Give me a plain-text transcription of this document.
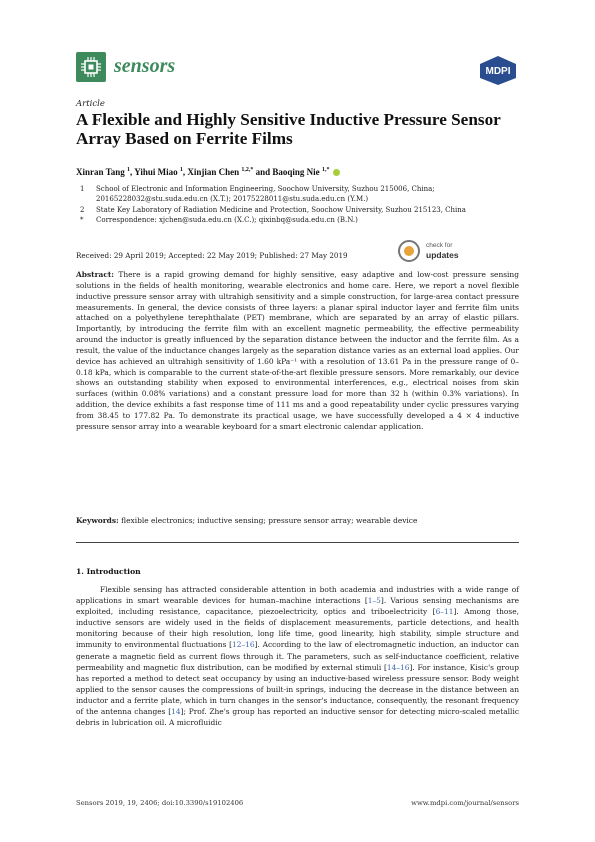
sensors	MDPI
Article
A Flexible and Highly Sensitive Inductive Pressure Sensor Array Based on Ferrite Films
Xinran Tang $^1$, Yihui Miao $^1$, Xinjian Chen $^{1,2,*}$ and Baoqing Nie $^{1,*}$
1 School of Electronic and Information Engineering, Soochow University, Suzhou 215006, China; 20165228032@stu.suda.edu.cn (X.T.); 20175228011@stu.suda.edu.cn (Y.M.)
2 State Key Laboratory of Radiation Medicine and Protection, Soochow University, Suzhou 215123, China
* Correspondence: xjchen@suda.edu.cn (X.C.); qixinbq@suda.edu.cn (B.N.)
Received: 29 April 2019; Accepted: 22 May 2019; Published: 27 May 2019
check for
updates
Abstract: There is a rapid growing demand for highly sensitive, easy adaptive and low-cost pressure sensing solutions in the fields of health monitoring, wearable electronics and home care. Here, we report a novel flexible inductive pressure sensor array with ultrahigh sensitivity and a simple construction, for large-area contact pressure measurements. In general, the device consists of three layers: a planar spiral inductor layer and ferrite film units attached on a polyethylene terephthalate (PET) membrane, which are separated by an array of elastic pillars. Importantly, by introducing the ferrite film with an excellent magnetic permeability, the effective permeability around the inductor is greatly influenced by the separation distance between the inductor and the ferrite film. As a result, the value of the inductance changes largely as the separation distance varies as an external load applies. Our device has achieved an ultrahigh sensitivity of 1.60 kPa⁻¹ with a resolution of 13.61 Pa in the pressure range of 0–0.18 kPa, which is comparable to the current state-of-the-art flexible pressure sensors. More remarkably, our device shows an outstanding stability when exposed to environmental interferences, e.g., electrical noises from skin surfaces (within 0.08% variations) and a constant pressure load for more than 32 h (within 0.3% variations). In addition, the device exhibits a fast response time of 111 ms and a good repeatability under cyclic pressures varying from 38.45 to 177.82 Pa. To demonstrate its practical usage, we have successfully developed a 4 × 4 inductive pressure sensor array into a wearable keyboard for a smart electronic calendar application.
Keywords: flexible electronics; inductive sensing; pressure sensor array; wearable device
1. Introduction
Flexible sensing has attracted considerable attention in both academia and industries with a wide range of applications in smart wearable devices for human–machine interactions [1–5]. Various sensing mechanisms are exploited, including resistance, capacitance, piezoelectricity, optics and triboelectricity [6–11]. Among those, inductive sensors are widely used in the fields of displacement measurements, particle detections, and health monitoring because of their high resolution, long life time, good linearity, high stability, simple structure and immunity to environmental fluctuations [12–16]. According to the law of electromagnetic induction, an inductor can generate a magnetic field as current flows through it. The parameters, such as self-inductance coefficient, relative permeability and magnetic flux distribution, can be modified by external stimuli [14–16]. For instance, Kisic's group has reported a method to detect seat occupancy by using an inductive-based wireless pressure sensor. Body weight applied to the sensor causes the compressions of built-in springs, inducing the decrease in the distance between an inductor and a ferrite plate, which in turn changes in the sensor's inductance, consequently, the resonant frequency of the antenna changes [14]; Prof. Zhe's group has reported an inductive sensor for detecting micro-scaled metallic debris in lubrication oil. A microfluidic
Sensors 2019, 19, 2406; doi:10.3390/s19102406	www.mdpi.com/journal/sensors
